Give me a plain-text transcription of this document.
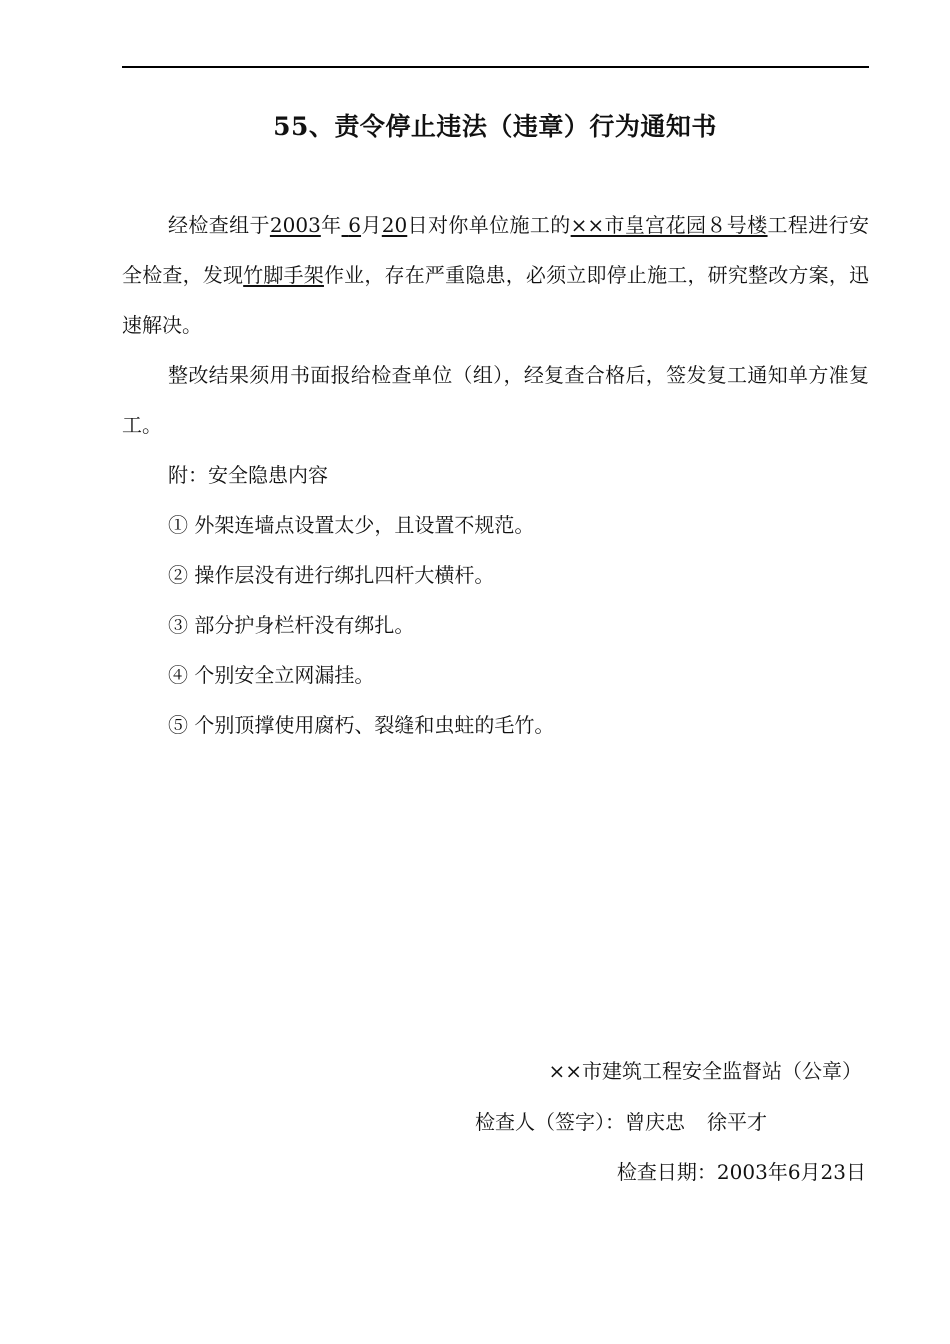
55、责令停止违法（违章）行为通知书

经检查组于2003年 6月20日对你单位施工的××市皇宫花园８号楼工程进行安全检查，发现竹脚手架作业，存在严重隐患，必须立即停止施工，研究整改方案，迅速解决。

整改结果须用书面报给检查单位（组），经复查合格后，签发复工通知单方准复工。

附：安全隐患内容

① 外架连墙点设置太少，且设置不规范。

② 操作层没有进行绑扎四杆大横杆。

③ 部分护身栏杆没有绑扎。

④ 个别安全立网漏挂。

⑤ 个别顶撑使用腐朽、裂缝和虫蛀的毛竹。

××市建筑工程安全监督站（公章）
检查人（签字）：曾庆忠 徐平才
检查日期：2003年6月23日
